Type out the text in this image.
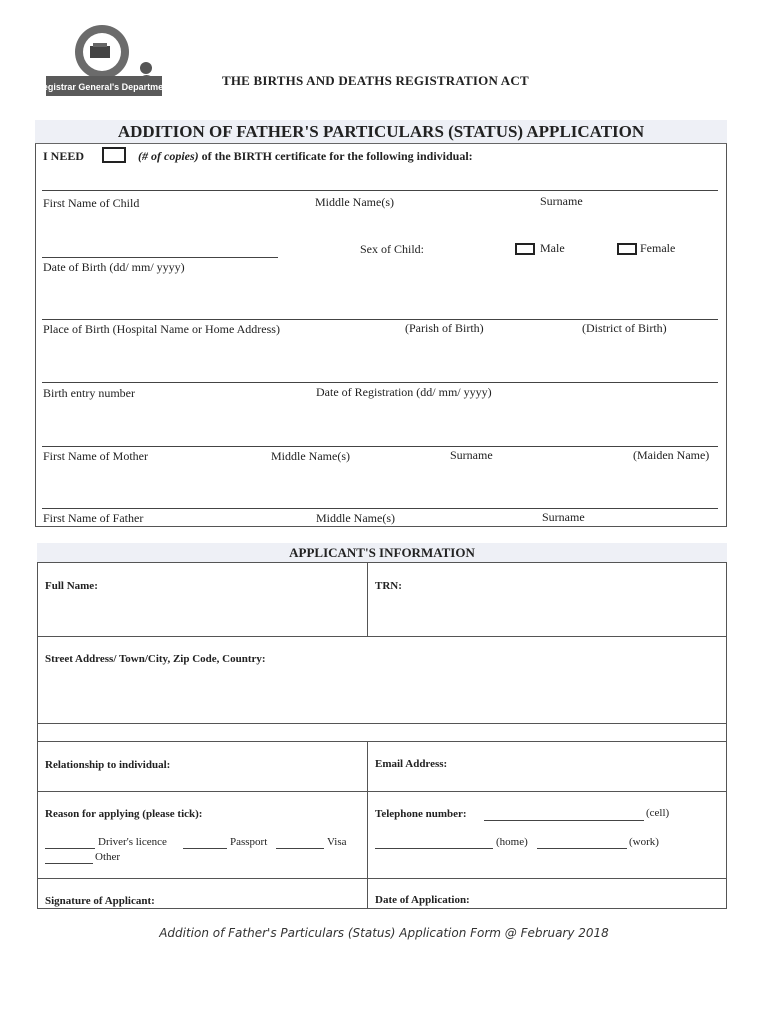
Registrar General's Department	THE BIRTHS AND DEATHS REGISTRATION ACT
ADDITION OF FATHER'S PARTICULARS (STATUS) APPLICATION
I NEED	(# of copies) of the BIRTH certificate for the following individual:
First Name of Child	Middle Name(s)	Surname
Date of Birth (dd/ mm/ yyyy)
Sex of Child:	Male	Female
Place of Birth (Hospital Name or Home Address)	(Parish of Birth)	(District of Birth)
Birth entry number	Date of Registration (dd/ mm/ yyyy)
First Name of Mother	Middle Name(s)	Surname	(Maiden Name)
First Name of Father	Middle Name(s)	Surname
APPLICANT'S INFORMATION
Full Name:	TRN:
Street Address/ Town/City, Zip Code, Country:
Relationship to individual:	Email Address:
Reason for applying (please tick):
Driver's licence	Passport	Visa
Other
Telephone number:	(cell)
(home)	(work)
Signature of Applicant:	Date of Application:
Addition of Father's Particulars (Status) Application Form @ February 2018
